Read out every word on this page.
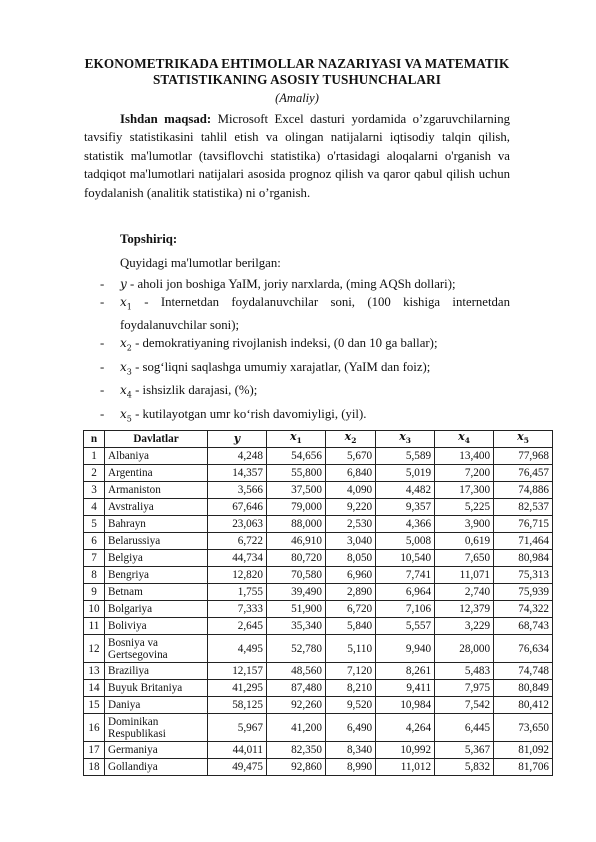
EKONOMETRIKADA EHTIMOLLAR NAZARIYASI VA MATEMATIK STATISTIKANING ASOSIY TUSHUNCHALARI
(Amaliy)
Ishdan maqsad: Microsoft Excel dasturi yordamida o’zgaruvchilarning tavsifiy statistikasini tahlil etish va olingan natijalarni iqtisodiy talqin qilish, statistik ma'lumotlar (tavsiflovchi statistika) o'rtasidagi aloqalarni o'rganish va tadqiqot ma'lumotlari natijalari asosida prognoz qilish va qaror qabul qilish uchun foydalanish (analitik statistika) ni o’rganish.
Topshiriq:
Quyidagi ma'lumotlar berilgan:
- y - aholi jon boshiga YaIM, joriy narxlarda, (ming AQSh dollari);
- $x_1$ - Internetdan foydalanuvchilar soni, (100 kishiga internetdan foydalanuvchilar soni);
- $x_2$ - demokratiyaning rivojlanish indeksi, (0 dan 10 ga ballar);
- $x_3$ - sog‘liqni saqlashga umumiy xarajatlar, (YaIM dan foiz);
- $x_4$ - ishsizlik darajasi, (%);
- $x_5$ - kutilayotgan umr ko‘rish davomiyligi, (yil).
n	Davlatlar	y	$x_1$	$x_2$	$x_3$	$x_4$	$x_5$
1	Albaniya	4,248	54,656	5,670	5,589	13,400	77,968
2	Argentina	14,357	55,800	6,840	5,019	7,200	76,457
3	Armaniston	3,566	37,500	4,090	4,482	17,300	74,886
4	Avstraliya	67,646	79,000	9,220	9,357	5,225	82,537
5	Bahrayn	23,063	88,000	2,530	4,366	3,900	76,715
6	Belarussiya	6,722	46,910	3,040	5,008	0,619	71,464
7	Belgiya	44,734	80,720	8,050	10,540	7,650	80,984
8	Bengriya	12,820	70,580	6,960	7,741	11,071	75,313
9	Betnam	1,755	39,490	2,890	6,964	2,740	75,939
10	Bolgariya	7,333	51,900	6,720	7,106	12,379	74,322
11	Boliviya	2,645	35,340	5,840	5,557	3,229	68,743
12	Bosniya va Gertsegovina	4,495	52,780	5,110	9,940	28,000	76,634
13	Braziliya	12,157	48,560	7,120	8,261	5,483	74,748
14	Buyuk Britaniya	41,295	87,480	8,210	9,411	7,975	80,849
15	Daniya	58,125	92,260	9,520	10,984	7,542	80,412
16	Dominikan Respublikasi	5,967	41,200	6,490	4,264	6,445	73,650
17	Germaniya	44,011	82,350	8,340	10,992	5,367	81,092
18	Gollandiya	49,475	92,860	8,990	11,012	5,832	81,706
